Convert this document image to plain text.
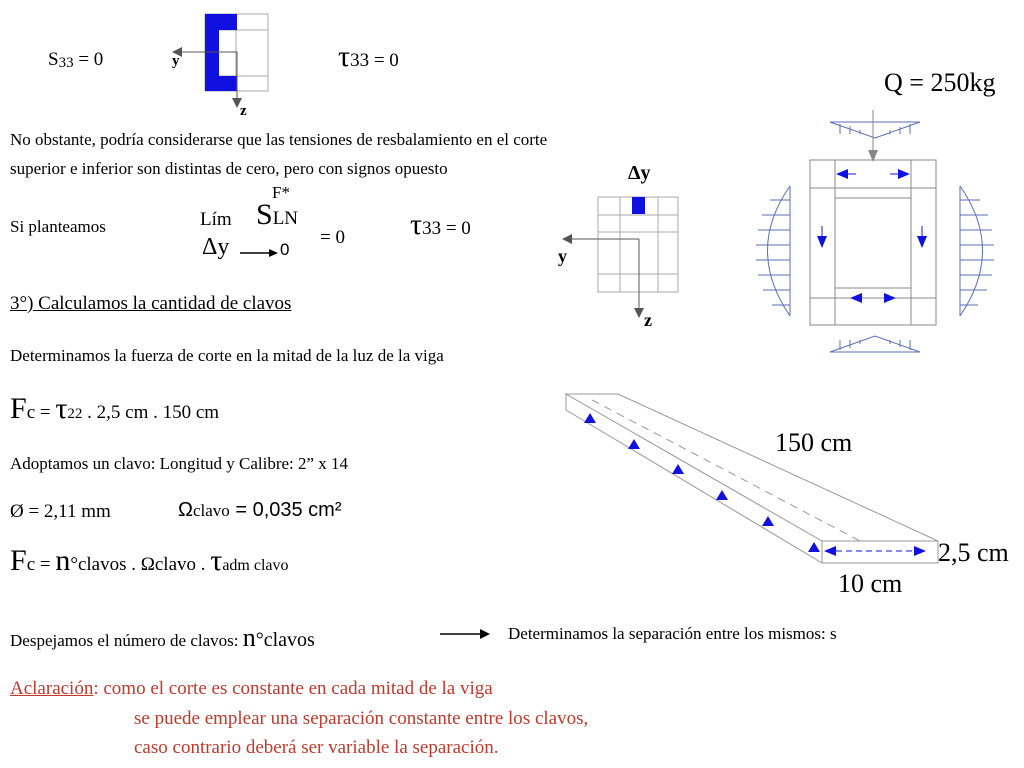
S33 = 0	y
z
τ33 = 0
Q = 250kg
No obstante, podría considerarse que las tensiones de resbalamiento en el corte
superior e inferior son distintas de cero, pero con signos opuesto	Δy
Si planteamos	Lím
Δy	0
F*
SLN
= 0 τ33 = 0
y
z
3°) Calculamos la cantidad de clavos
Determinamos la fuerza de corte en la mitad de la luz de la viga
Fc = τ22 . 2,5 cm . 150 cm
150 cm
2,5 cm
10 cm
Adoptamos un clavo: Longitud y Calibre: 2” x 14
Ø = 2,11 mm	Ωclavo = 0,035 cm²
Fc = n°clavos . Ωclavo . τadm clavo
Despejamos el número de clavos: n°clavos	Determinamos la separación entre los mismos: s
Aclaración: como el corte es constante en cada mitad de la viga
se puede emplear una separación constante entre los clavos,
caso contrario deberá ser variable la separación.
